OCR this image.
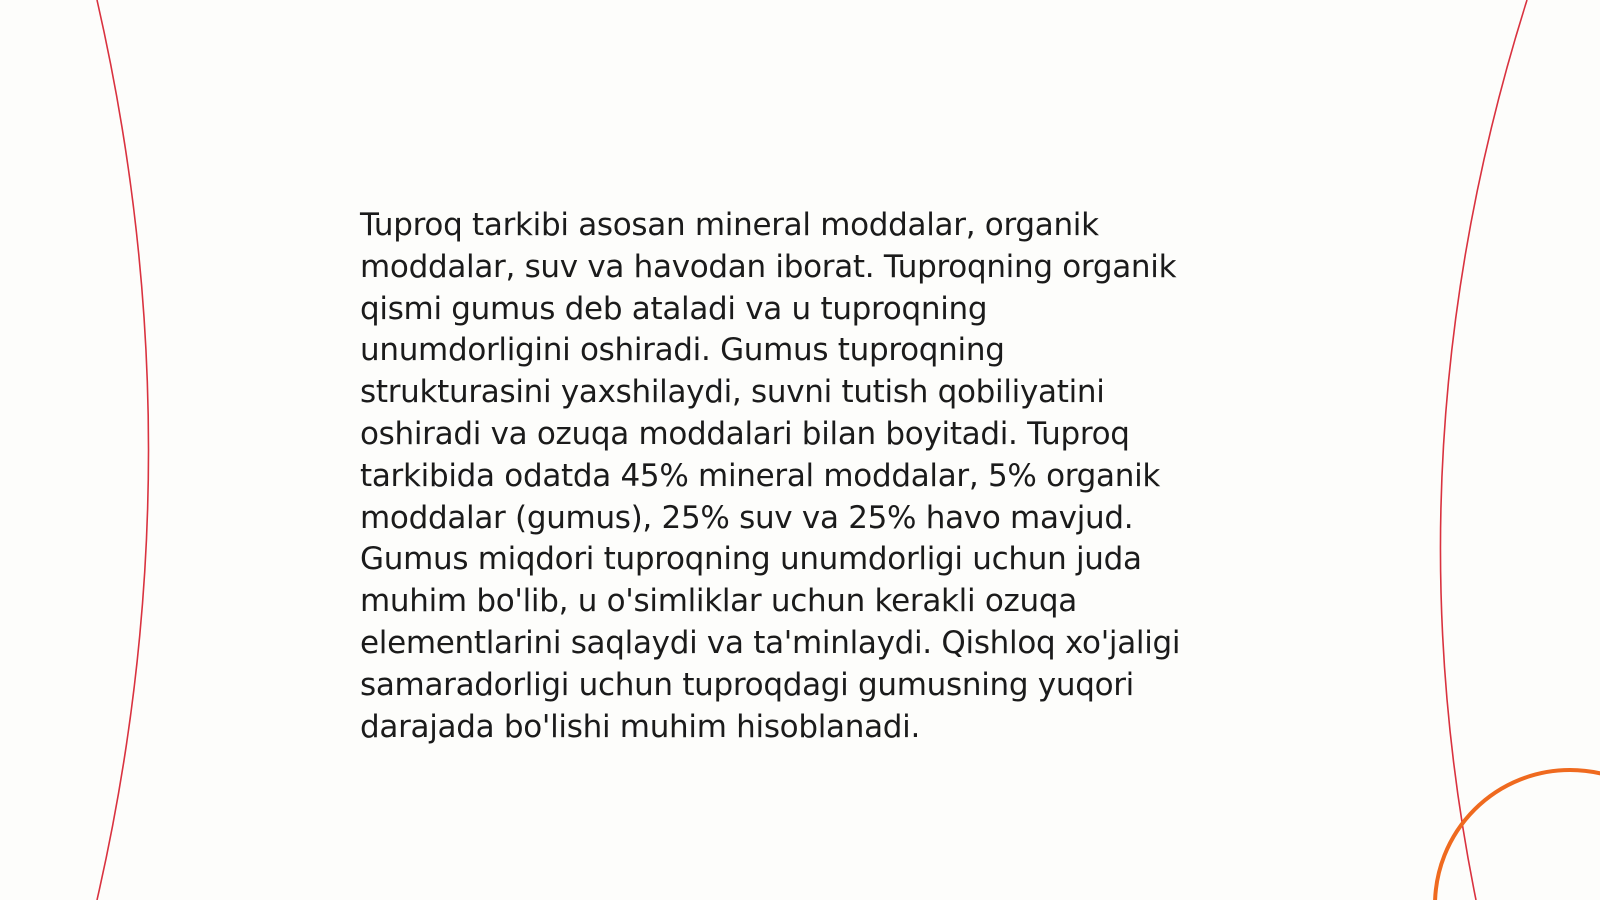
Tuproq tarkibi asosan mineral moddalar, organik
moddalar, suv va havodan iborat. Tuproqning organik
qismi gumus deb ataladi va u tuproqning
unumdorligini oshiradi. Gumus tuproqning
strukturasini yaxshilaydi, suvni tutish qobiliyatini
oshiradi va ozuqa moddalari bilan boyitadi. Tuproq
tarkibida odatda 45% mineral moddalar, 5% organik
moddalar (gumus), 25% suv va 25% havo mavjud.
Gumus miqdori tuproqning unumdorligi uchun juda
muhim bo'lib, u o'simliklar uchun kerakli ozuqa
elementlarini saqlaydi va ta'minlaydi. Qishloq xo'jaligi
samaradorligi uchun tuproqdagi gumusning yuqori
darajada bo'lishi muhim hisoblanadi.
